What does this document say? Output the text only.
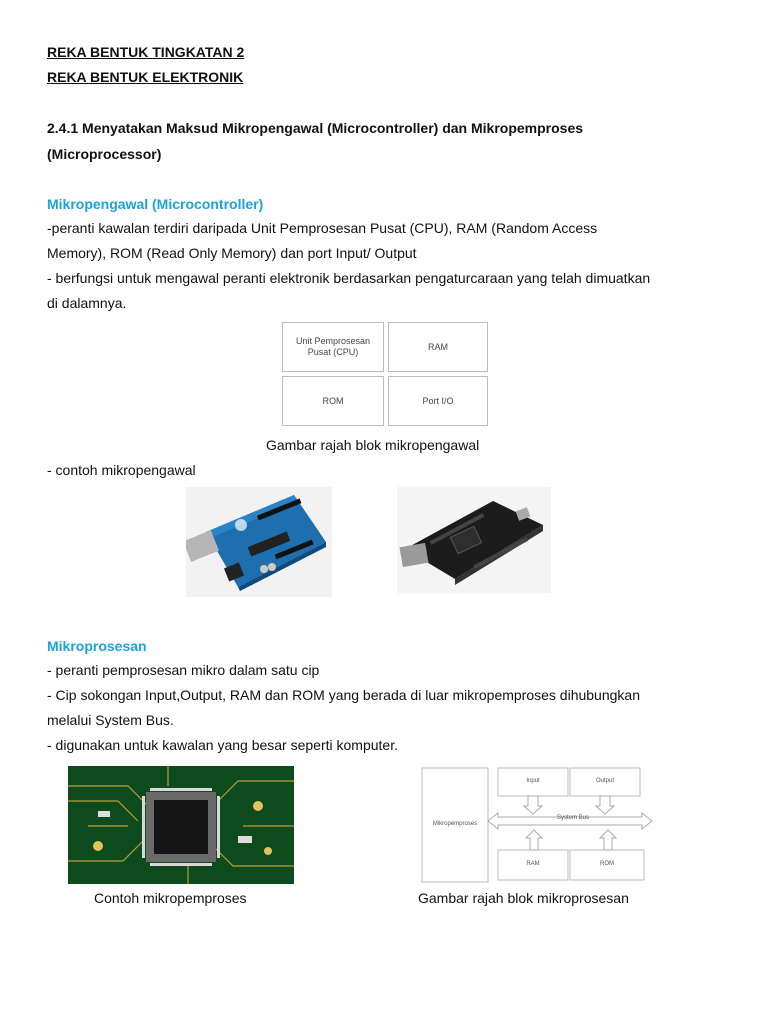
REKA BENTUK TINGKATAN 2
REKA BENTUK ELEKTRONIK
2.4.1 Menyatakan Maksud Mikropengawal (Microcontroller) dan Mikropemproses
(Microprocessor)
Mikropengawal (Microcontroller)
-peranti kawalan terdiri daripada Unit Pemprosesan Pusat (CPU), RAM (Random Access
Memory), ROM (Read Only Memory) dan port Input/ Output
- berfungsi untuk mengawal peranti elektronik berdasarkan pengaturcaraan yang telah dimuatkan
di dalamnya.
Unit Pemprosesan
Pusat (CPU)
RAM
ROM	Port I/O
Gambar rajah blok mikropengawal
- contoh mikropengawal
Mikroprosesan
- peranti pemprosesan mikro dalam satu cip
- Cip sokongan Input,Output, RAM dan ROM yang berada di luar mikropemproses dihubungkan
melalui System Bus.
- digunakan untuk kawalan yang besar seperti komputer.
Mikropemproses
Input	Output
System Bus
RAM	ROM
Contoh mikropemproses	Gambar rajah blok mikroprosesan
